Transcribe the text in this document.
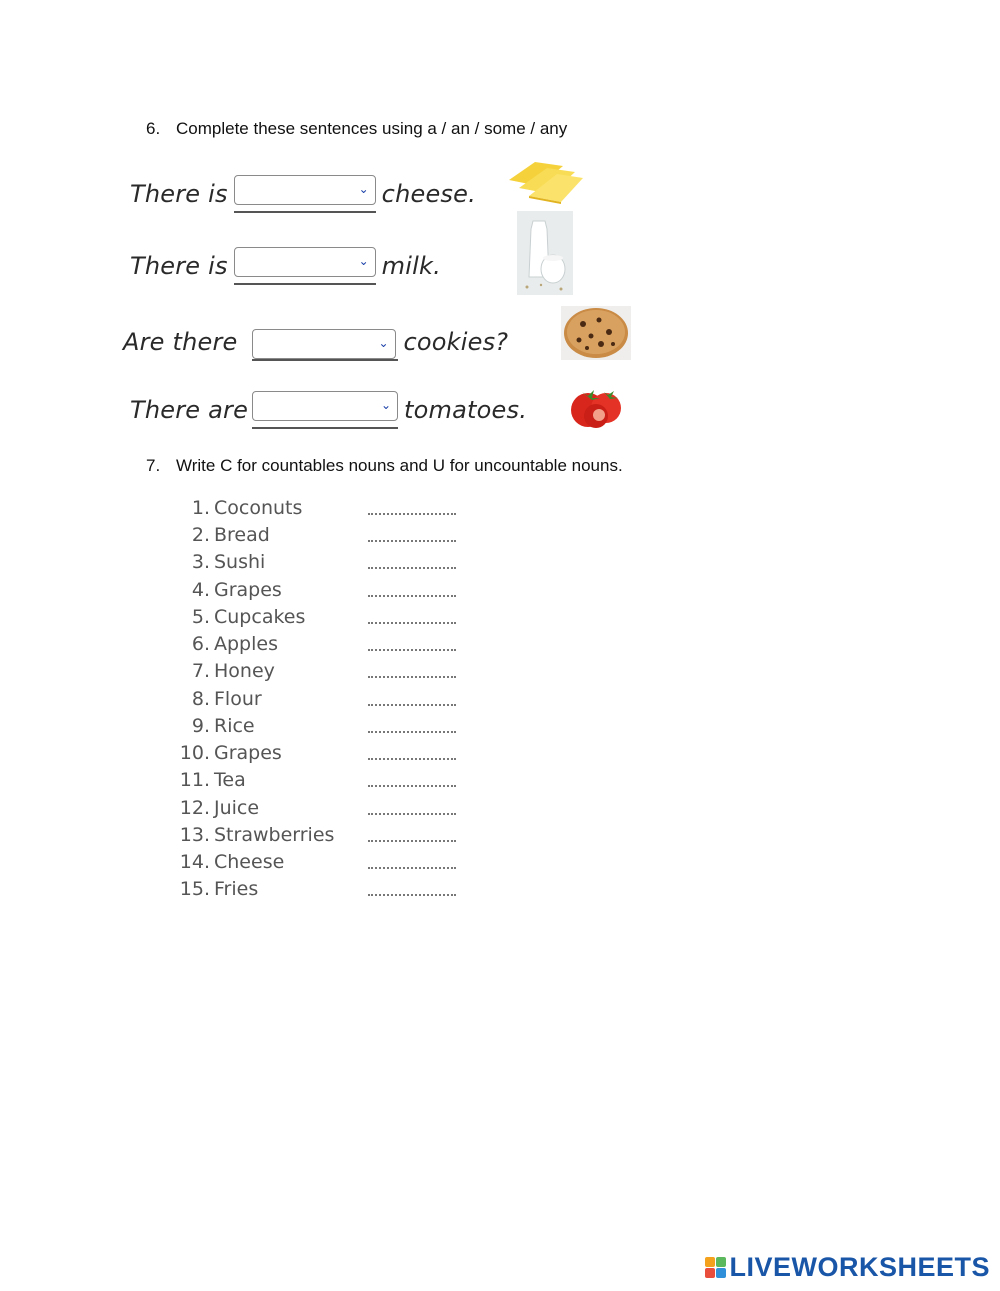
6. Complete these sentences using a / an / some / any
There is	⌄ cheese.
There is	⌄ milk.
Are there	⌄ cookies?
There are	⌄ tomatoes.
7. Write C for countables nouns and U for uncountable nouns.
1. Coconuts
2. Bread
3. Sushi
4. Grapes
5. Cupcakes
6. Apples
7. Honey
8. Flour
9. Rice
10. Grapes
11. Tea
12. Juice
13. Strawberries
14. Cheese
15. Fries
LIVEWORKSHEETS
